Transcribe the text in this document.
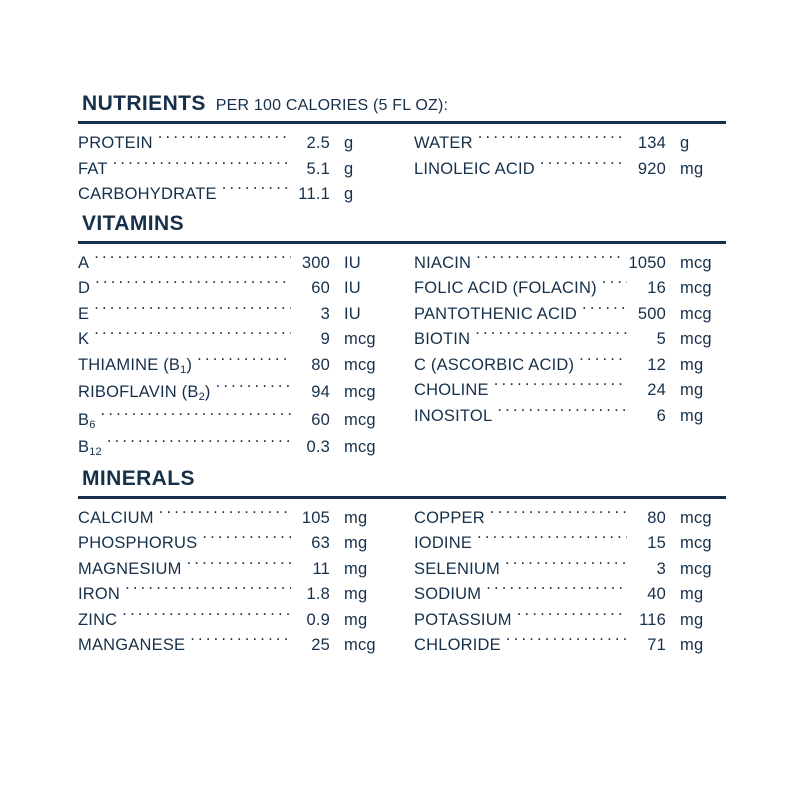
NUTRIENTS PER 100 CALORIES (5 FL OZ):
PROTEIN .....	2.5 g
FAT .....	5.1 g
CARBOHYDRATE .....	11.1 g
WATER .....	134 g
LINOLEIC ACID .....	920 mg
VITAMINS
A .....	300 IU
D .....	60 IU
E .....	3 IU
K .....	9 mcg
THIAMINE $(B_1)$ .....	80 mcg
RIBOFLAVIN $(B_2)$ .....	94 mcg
$B_6$ .....	60 mcg
$B_{12}$ .....	0.3 mcg
NIACIN .....	1050 mcg
FOLIC ACID (FOLACIN) .....	16 mcg
PANTOTHENIC ACID .....	500 mcg
BIOTIN .....	5 mcg
C (ASCORBIC ACID) .....	12 mg
CHOLINE .....	24 mg
INOSITOL .....	6 mg
MINERALS
CALCIUM .....	105 mg
PHOSPHORUS .....	63 mg
MAGNESIUM .....	11 mg
IRON .....	1.8 mg
ZINC .....	0.9 mg
MANGANESE .....	25 mcg
COPPER .....	80 mcg
IODINE .....	15 mcg
SELENIUM .....	3 mcg
SODIUM .....	40 mg
POTASSIUM .....	116 mg
CHLORIDE .....	71 mg
